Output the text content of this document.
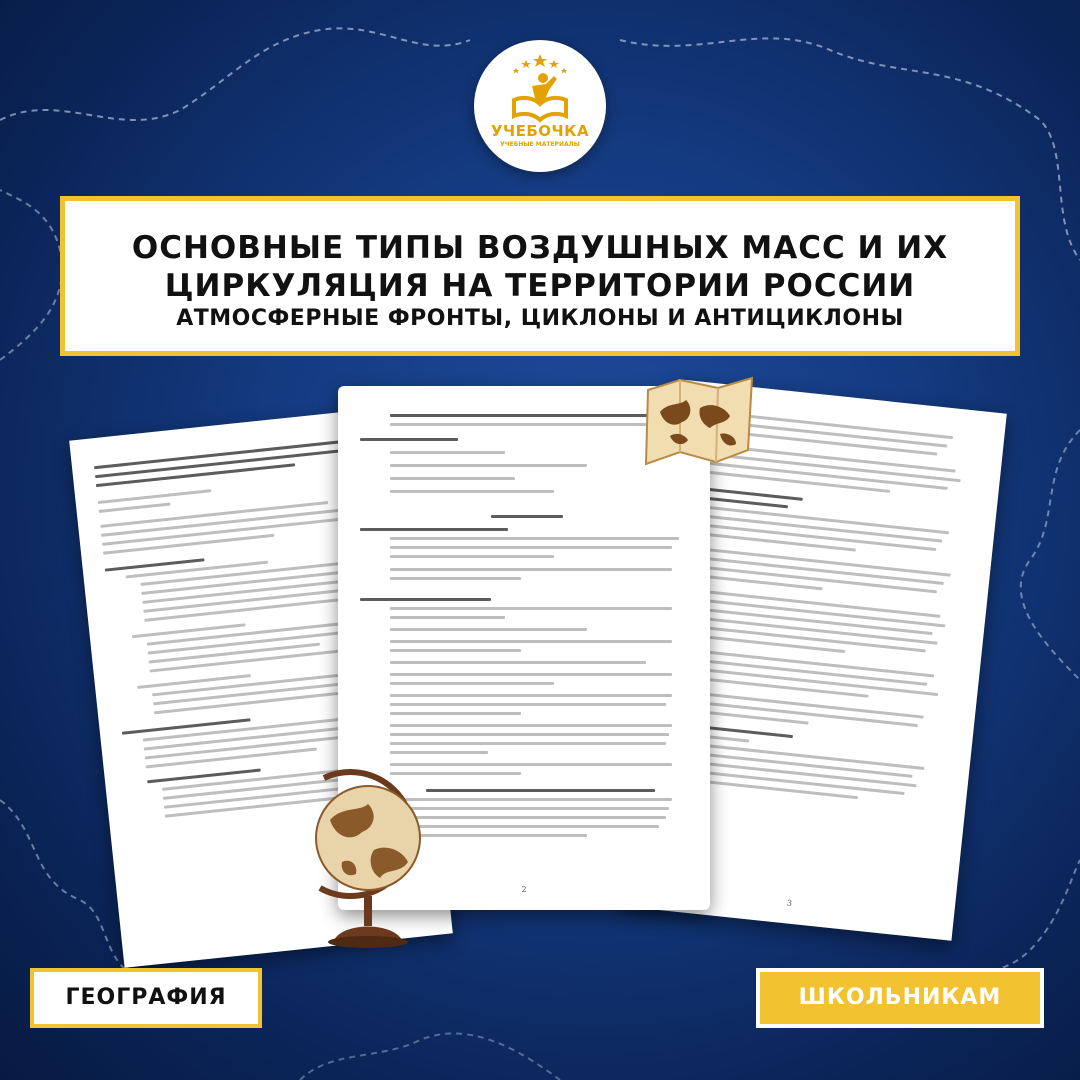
УЧЕБОЧКА
УЧЕБНЫЕ МАТЕРИАЛЫ
ОСНОВНЫЕ ТИПЫ ВОЗДУШНЫХ МАСС И ИХ
ЦИРКУЛЯЦИЯ НА ТЕРРИТОРИИ РОССИИ
АТМОСФЕРНЫЕ ФРОНТЫ, ЦИКЛОНЫ И АНТИЦИКЛОНЫ
3
2
ГЕОГРАФИЯ	ШКОЛЬНИКАМ
